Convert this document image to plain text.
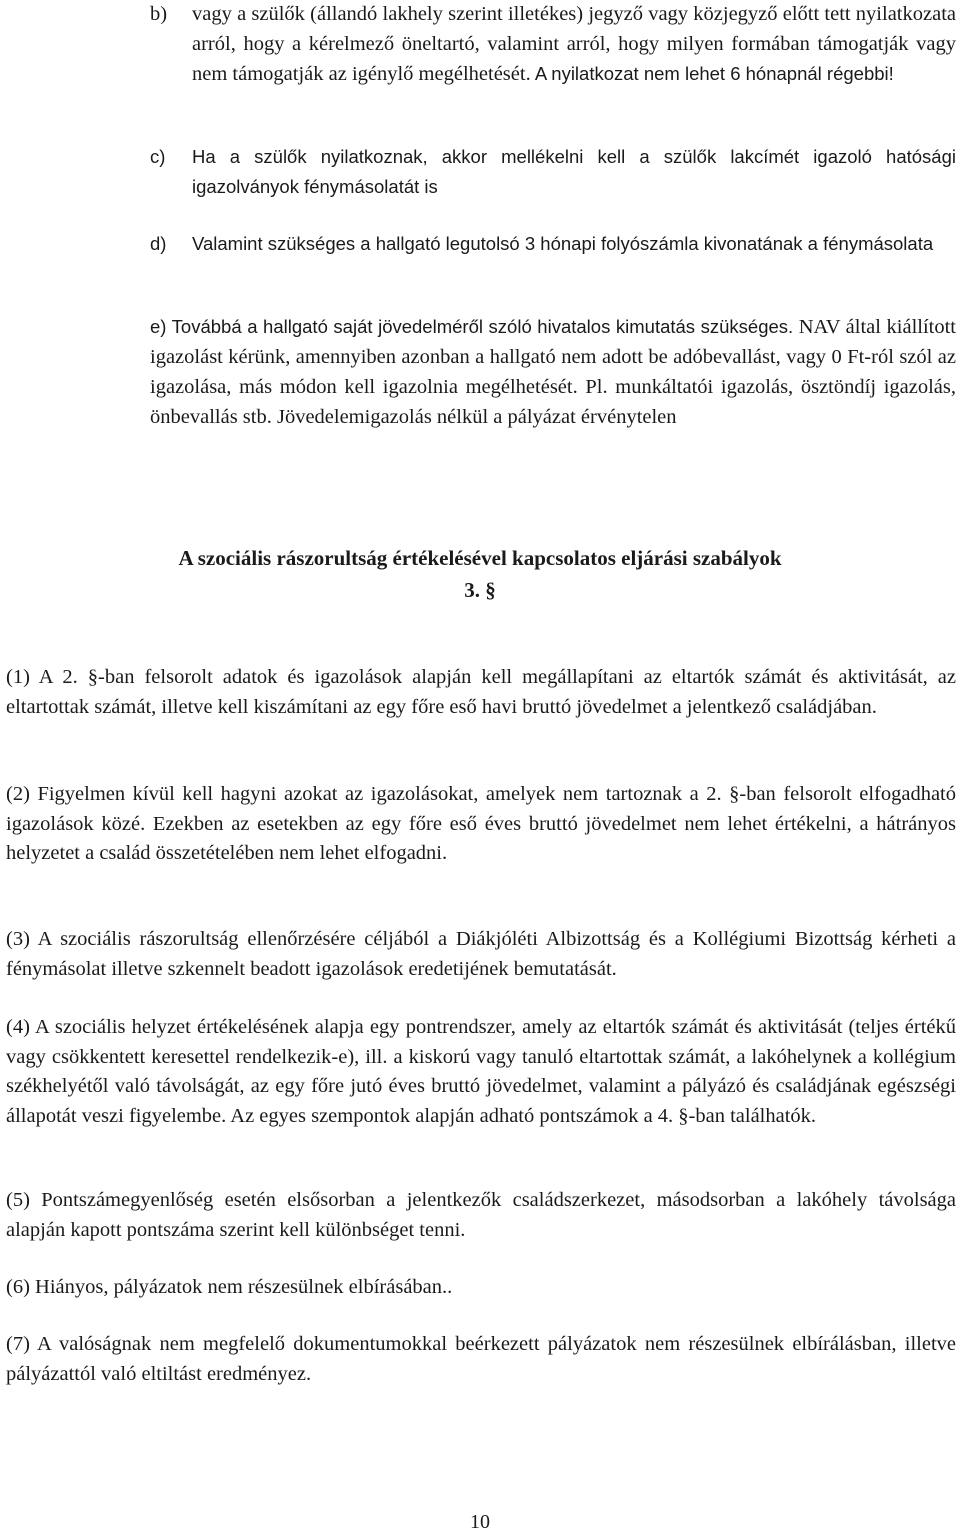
b)	vagy a szülők (állandó lakhely szerint illetékes) jegyző vagy közjegyző előtt tett nyilatkozata arról, hogy a kérelmező öneltartó, valamint arról, hogy milyen formában támogatják vagy nem támogatják az igénylő megélhetését. A nyilatkozat nem lehet 6 hónapnál régebbi!
c)	Ha a szülők nyilatkoznak, akkor mellékelni kell a szülők lakcímét igazoló hatósági igazolványok fénymásolatát is
d)	Valamint szükséges a hallgató legutolsó 3 hónapi folyószámla kivonatának a fénymásolata
e) Továbbá a hallgató saját jövedelméről szóló hivatalos kimutatás szükséges. NAV által kiállított igazolást kérünk, amennyiben azonban a hallgató nem adott be adóbevallást, vagy 0 Ft-ról szól az igazolása, más módon kell igazolnia megélhetését. Pl. munkáltatói igazolás, ösztöndíj igazolás, önbevallás stb. Jövedelemigazolás nélkül a pályázat érvénytelen
A szociális rászorultság értékelésével kapcsolatos eljárási szabályok
3. §
(1) A 2. §-ban felsorolt adatok és igazolások alapján kell megállapítani az eltartók számát és aktivitását, az eltartottak számát, illetve kell kiszámítani az egy főre eső havi bruttó jövedelmet a jelentkező családjában.
(2) Figyelmen kívül kell hagyni azokat az igazolásokat, amelyek nem tartoznak a 2. §-ban felsorolt elfogadható igazolások közé. Ezekben az esetekben az egy főre eső éves bruttó jövedelmet nem lehet értékelni, a hátrányos helyzetet a család összetételében nem lehet elfogadni.
(3) A szociális rászorultság ellenőrzésére céljából a Diákjóléti Albizottság és a Kollégiumi Bizottság kérheti a fénymásolat illetve szkennelt beadott igazolások eredetijének bemutatását.
(4) A szociális helyzet értékelésének alapja egy pontrendszer, amely az eltartók számát és aktivitását (teljes értékű vagy csökkentett keresettel rendelkezik-e), ill. a kiskorú vagy tanuló eltartottak számát, a lakóhelynek a kollégium székhelyétől való távolságát, az egy főre jutó éves bruttó jövedelmet, valamint a pályázó és családjának egészségi állapotát veszi figyelembe. Az egyes szempontok alapján adható pontszámok a 4. §-ban találhatók.
(5) Pontszámegyenlőség esetén elsősorban a jelentkezők családszerkezet, másodsorban a lakóhely távolsága alapján kapott pontszáma szerint kell különbséget tenni.
(6) Hiányos, pályázatok nem részesülnek elbírásában..
(7) A valóságnak nem megfelelő dokumentumokkal beérkezett pályázatok nem részesülnek elbírálásban, illetve pályázattól való eltiltást eredményez.
10
